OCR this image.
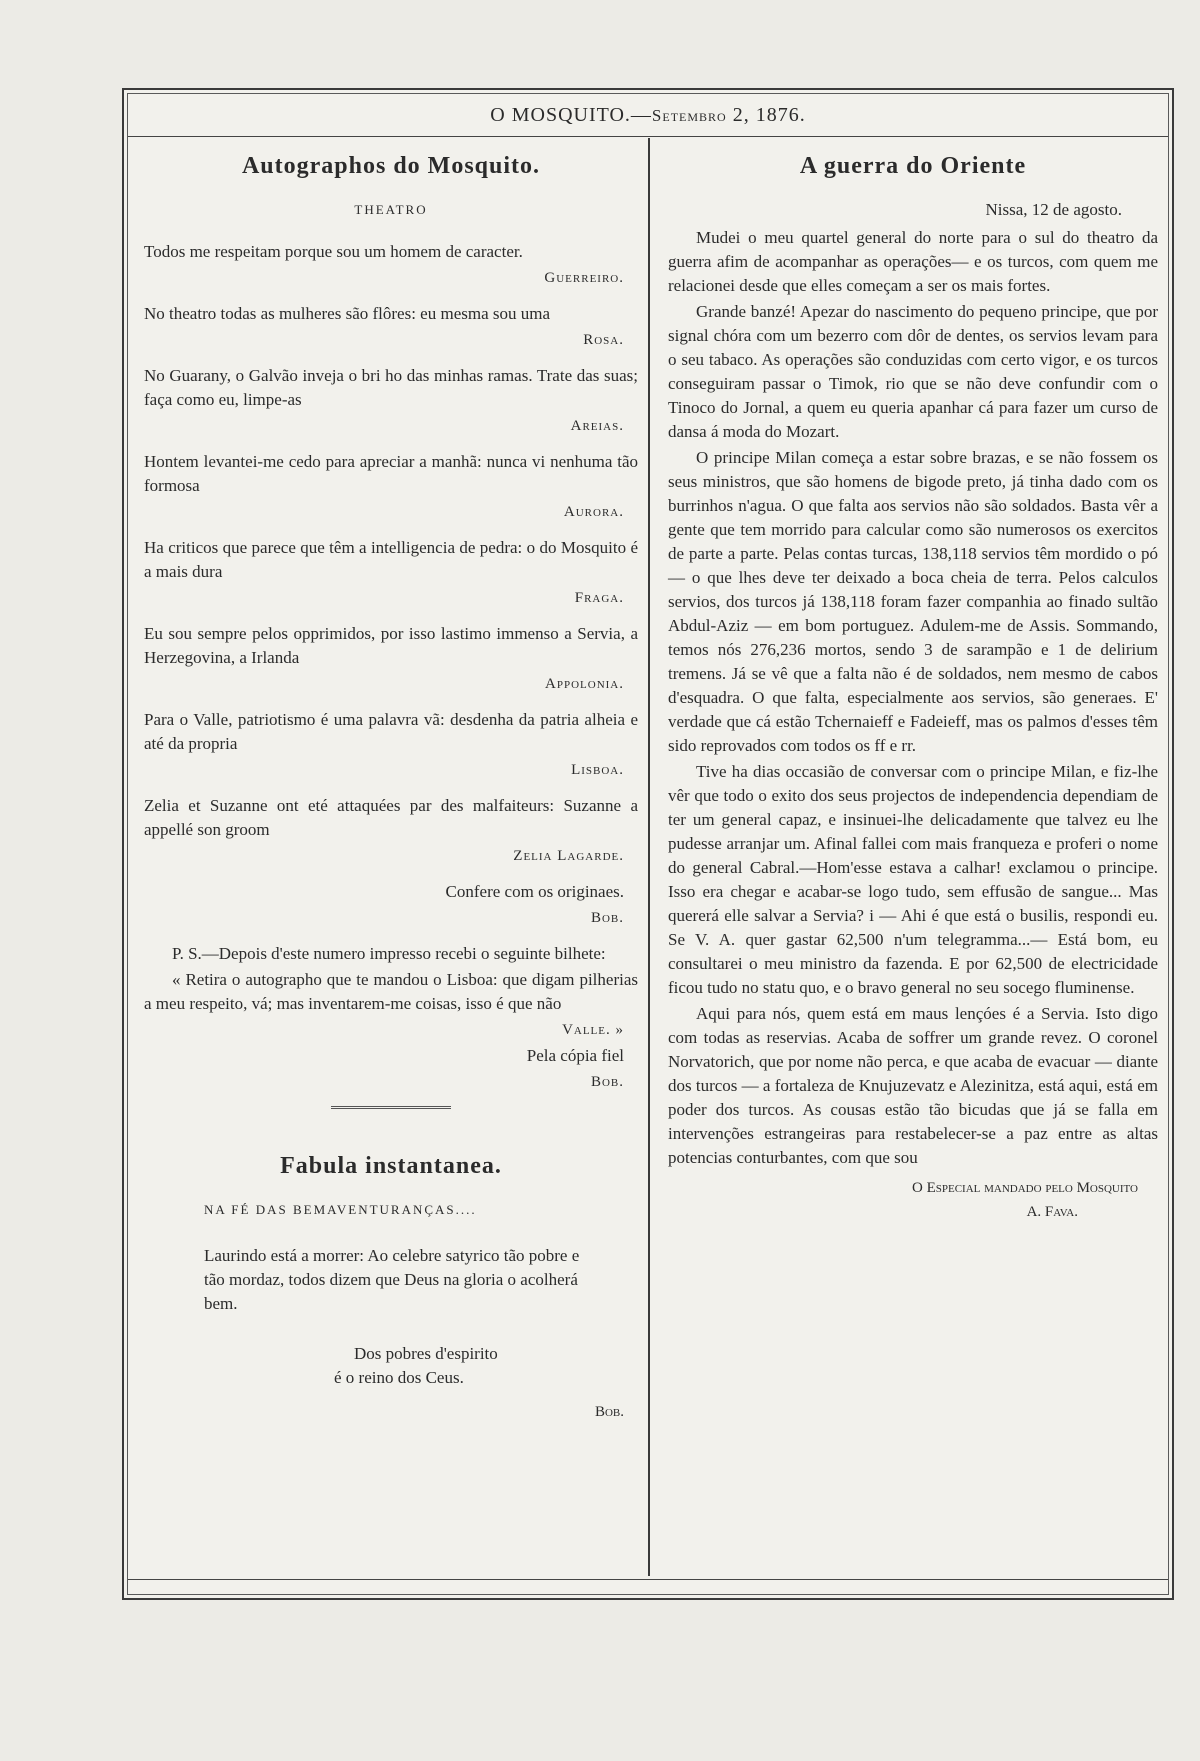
O MOSQUITO.—Setembro 2, 1876.
Autographos do Mosquito.
THEATRO

Todos me respeitam porque sou um homem de caracter.

Guerreiro.

No theatro todas as mulheres são flôres: eu mesma sou uma

Rosa.

No Guarany, o Galvão inveja o bri ho das minhas ramas. Trate das suas; faça como eu, limpe-as

Areias.

Hontem levantei-me cedo para apreciar a manhã: nunca vi nenhuma tão formosa

Aurora.

Ha criticos que parece que têm a intelligencia de pedra: o do Mosquito é a mais dura

Fraga.

Eu sou sempre pelos opprimidos, por isso lastimo immenso a Servia, a Herzegovina, a Irlanda

Appolonia.

Para o Valle, patriotismo é uma palavra vã: desdenha da patria alheia e até da propria

Lisboa.

Zelia et Suzanne ont eté attaquées par des malfaiteurs: Suzanne a appellé son groom

Zelia Lagarde.
Confere com os originaes.
Bob.

P. S.—Depois d'este numero impresso recebi o seguinte bilhete:

« Retira o autographo que te mandou o Lisboa: que digam pilherias a meu respeito, vá; mas inventarem-me coisas, isso é que não

Valle. »
Pela cópia fiel
Bob.
Fabula instantanea.
NA FÉ DAS BEMAVENTURANÇAS....
Laurindo está a morrer: Ao celebre satyrico tão pobre e tão mordaz, todos dizem que Deus na gloria o acolherá bem.
Dos pobres d'espirito
é o reino dos Ceus.
Bob.
A guerra do Oriente
Nissa, 12 de agosto.

Mudei o meu quartel general do norte para o sul do theatro da guerra afim de acompanhar as operações— e os turcos, com quem me relacionei desde que elles começam a ser os mais fortes.

Grande banzé! Apezar do nascimento do pequeno principe, que por signal chóra com um bezerro com dôr de dentes, os servios levam para o seu tabaco. As operações são conduzidas com certo vigor, e os turcos conseguiram passar o Timok, rio que se não deve confundir com o Tinoco do Jornal, a quem eu queria apanhar cá para fazer um curso de dansa á moda do Mozart.

O principe Milan começa a estar sobre brazas, e se não fossem os seus ministros, que são homens de bigode preto, já tinha dado com os burrinhos n'agua. O que falta aos servios não são soldados. Basta vêr a gente que tem morrido para calcular como são numerosos os exercitos de parte a parte. Pelas contas turcas, 138,118 servios têm mordido o pó — o que lhes deve ter deixado a boca cheia de terra. Pelos calculos servios, dos turcos já 138,118 foram fazer companhia ao finado sultão Abdul-Aziz — em bom portuguez. Adulem-me de Assis. Sommando, temos nós 276,236 mortos, sendo 3 de sarampão e 1 de delirium tremens. Já se vê que a falta não é de soldados, nem mesmo de cabos d'esquadra. O que falta, especialmente aos servios, são generaes. E' verdade que cá estão Tchernaieff e Fadeieff, mas os palmos d'esses têm sido reprovados com todos os ff e rr.

Tive ha dias occasião de conversar com o principe Milan, e fiz-lhe vêr que todo o exito dos seus projectos de independencia dependiam de ter um general capaz, e insinuei-lhe delicadamente que talvez eu lhe pudesse arranjar um. Afinal fallei com mais franqueza e proferi o nome do general Cabral.—Hom'esse estava a calhar! exclamou o principe. Isso era chegar e acabar-se logo tudo, sem effusão de sangue... Mas quererá elle salvar a Servia? i — Ahi é que está o busilis, respondi eu. Se V. A. quer gastar 62,500 n'um telegramma...— Está bom, eu consultarei o meu ministro da fazenda. E por 62,500 de electricidade ficou tudo no statu quo, e o bravo general no seu socego fluminense.

Aqui para nós, quem está em maus lençóes é a Servia. Isto digo com todas as reservias. Acaba de soffrer um grande revez. O coronel Norvatorich, que por nome não perca, e que acaba de evacuar — diante dos turcos — a fortaleza de Knujuzevatz e Alezinitza, está aqui, está em poder dos turcos. As cousas estão tão bicudas que já se falla em intervenções estrangeiras para restabelecer-se a paz entre as altas potencias conturbantes, com que sou

O Especial mandado pelo Mosquito
A. Fava.
